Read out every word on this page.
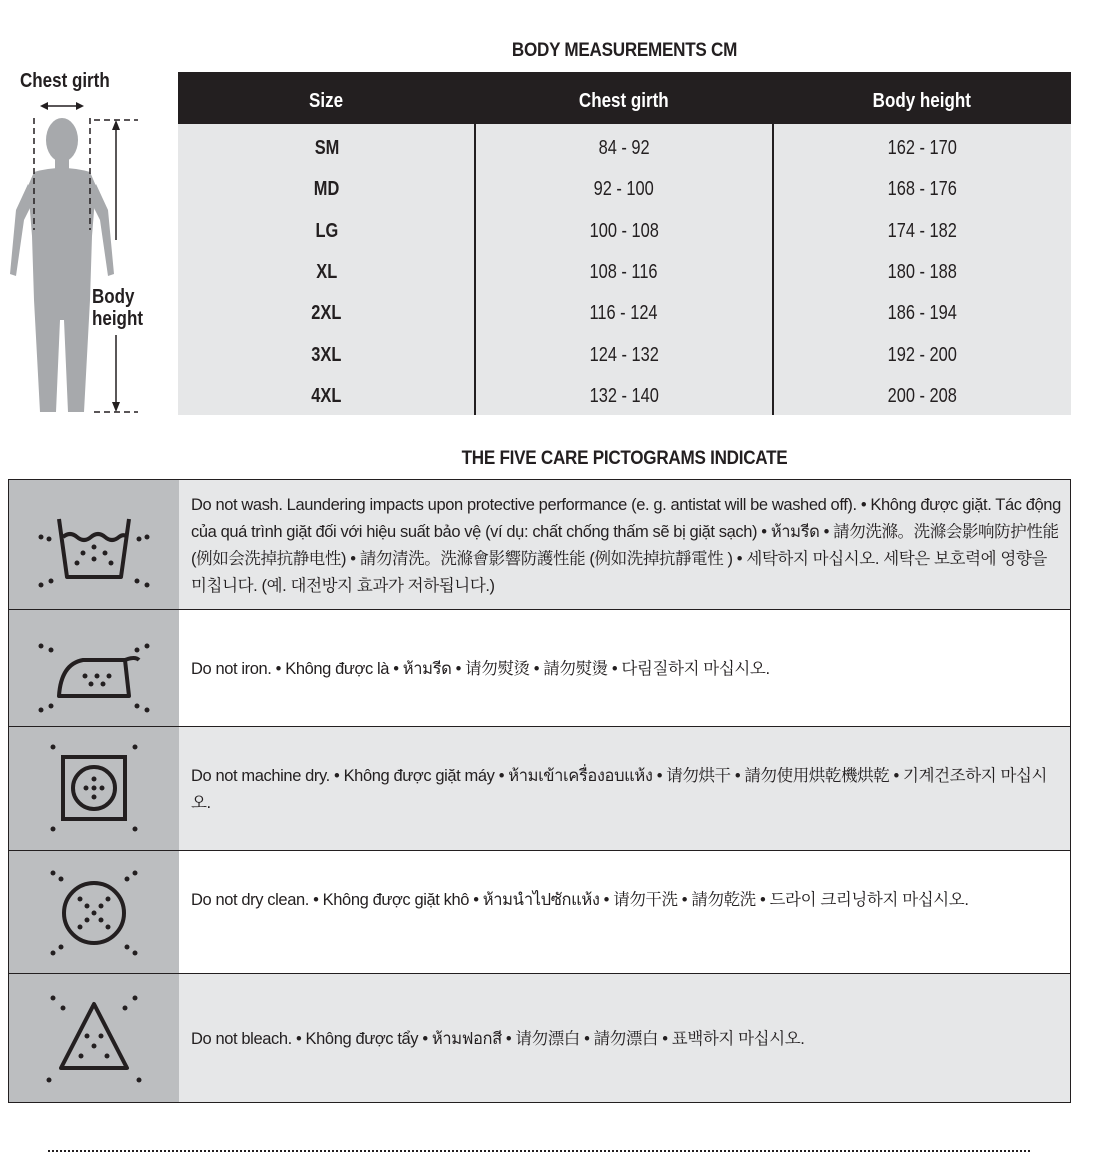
BODY MEASUREMENTS CM
Chest girth
Body
height
Size	Chest girth	Body height
SM	84 - 92	162 - 170
MD	92 - 100	168 - 176
LG	100 - 108	174 - 182
XL	108 - 116	180 - 188
2XL	116 - 124	186 - 194
3XL	124 - 132	192 - 200
4XL	132 - 140	200 - 208
THE FIVE CARE PICTOGRAMS INDICATE
Do not wash. Laundering impacts upon protective performance (e. g. antistat will be washed off). • Không được giặt. Tác động của quá trình giặt đối với hiệu suất bảo vệ (ví dụ: chất chống thấm sẽ bị giặt sạch) • ห้ามรีด • 請勿洗滌。洗滌会影响防护性能 (例如会洗掉抗静电性) • 請勿清洗。洗滌會影響防護性能 (例如洗掉抗靜電性 ) • 세탁하지 마십시오. 세탁은 보호력에 영향을 미칩니다. (예. 대전방지 효과가 저하됩니다.)
Do not iron. • Không được là • ห้ามรีด • 请勿熨烫 • 請勿熨燙 • 다림질하지 마십시오.
Do not machine dry. • Không được giặt máy • ห้ามเข้าเครื่องอบแห้ง • 请勿烘干 • 請勿使用烘乾機烘乾 • 기계건조하지 마십시오.
Do not dry clean. • Không được giặt khô • ห้ามนำไปซักแห้ง • 请勿干洗 • 請勿乾洗 • 드라이 크리닝하지 마십시오.
Do not bleach. • Không được tẩy • ห้ามฟอกสี • 请勿漂白 • 請勿漂白 • 표백하지 마십시오.
